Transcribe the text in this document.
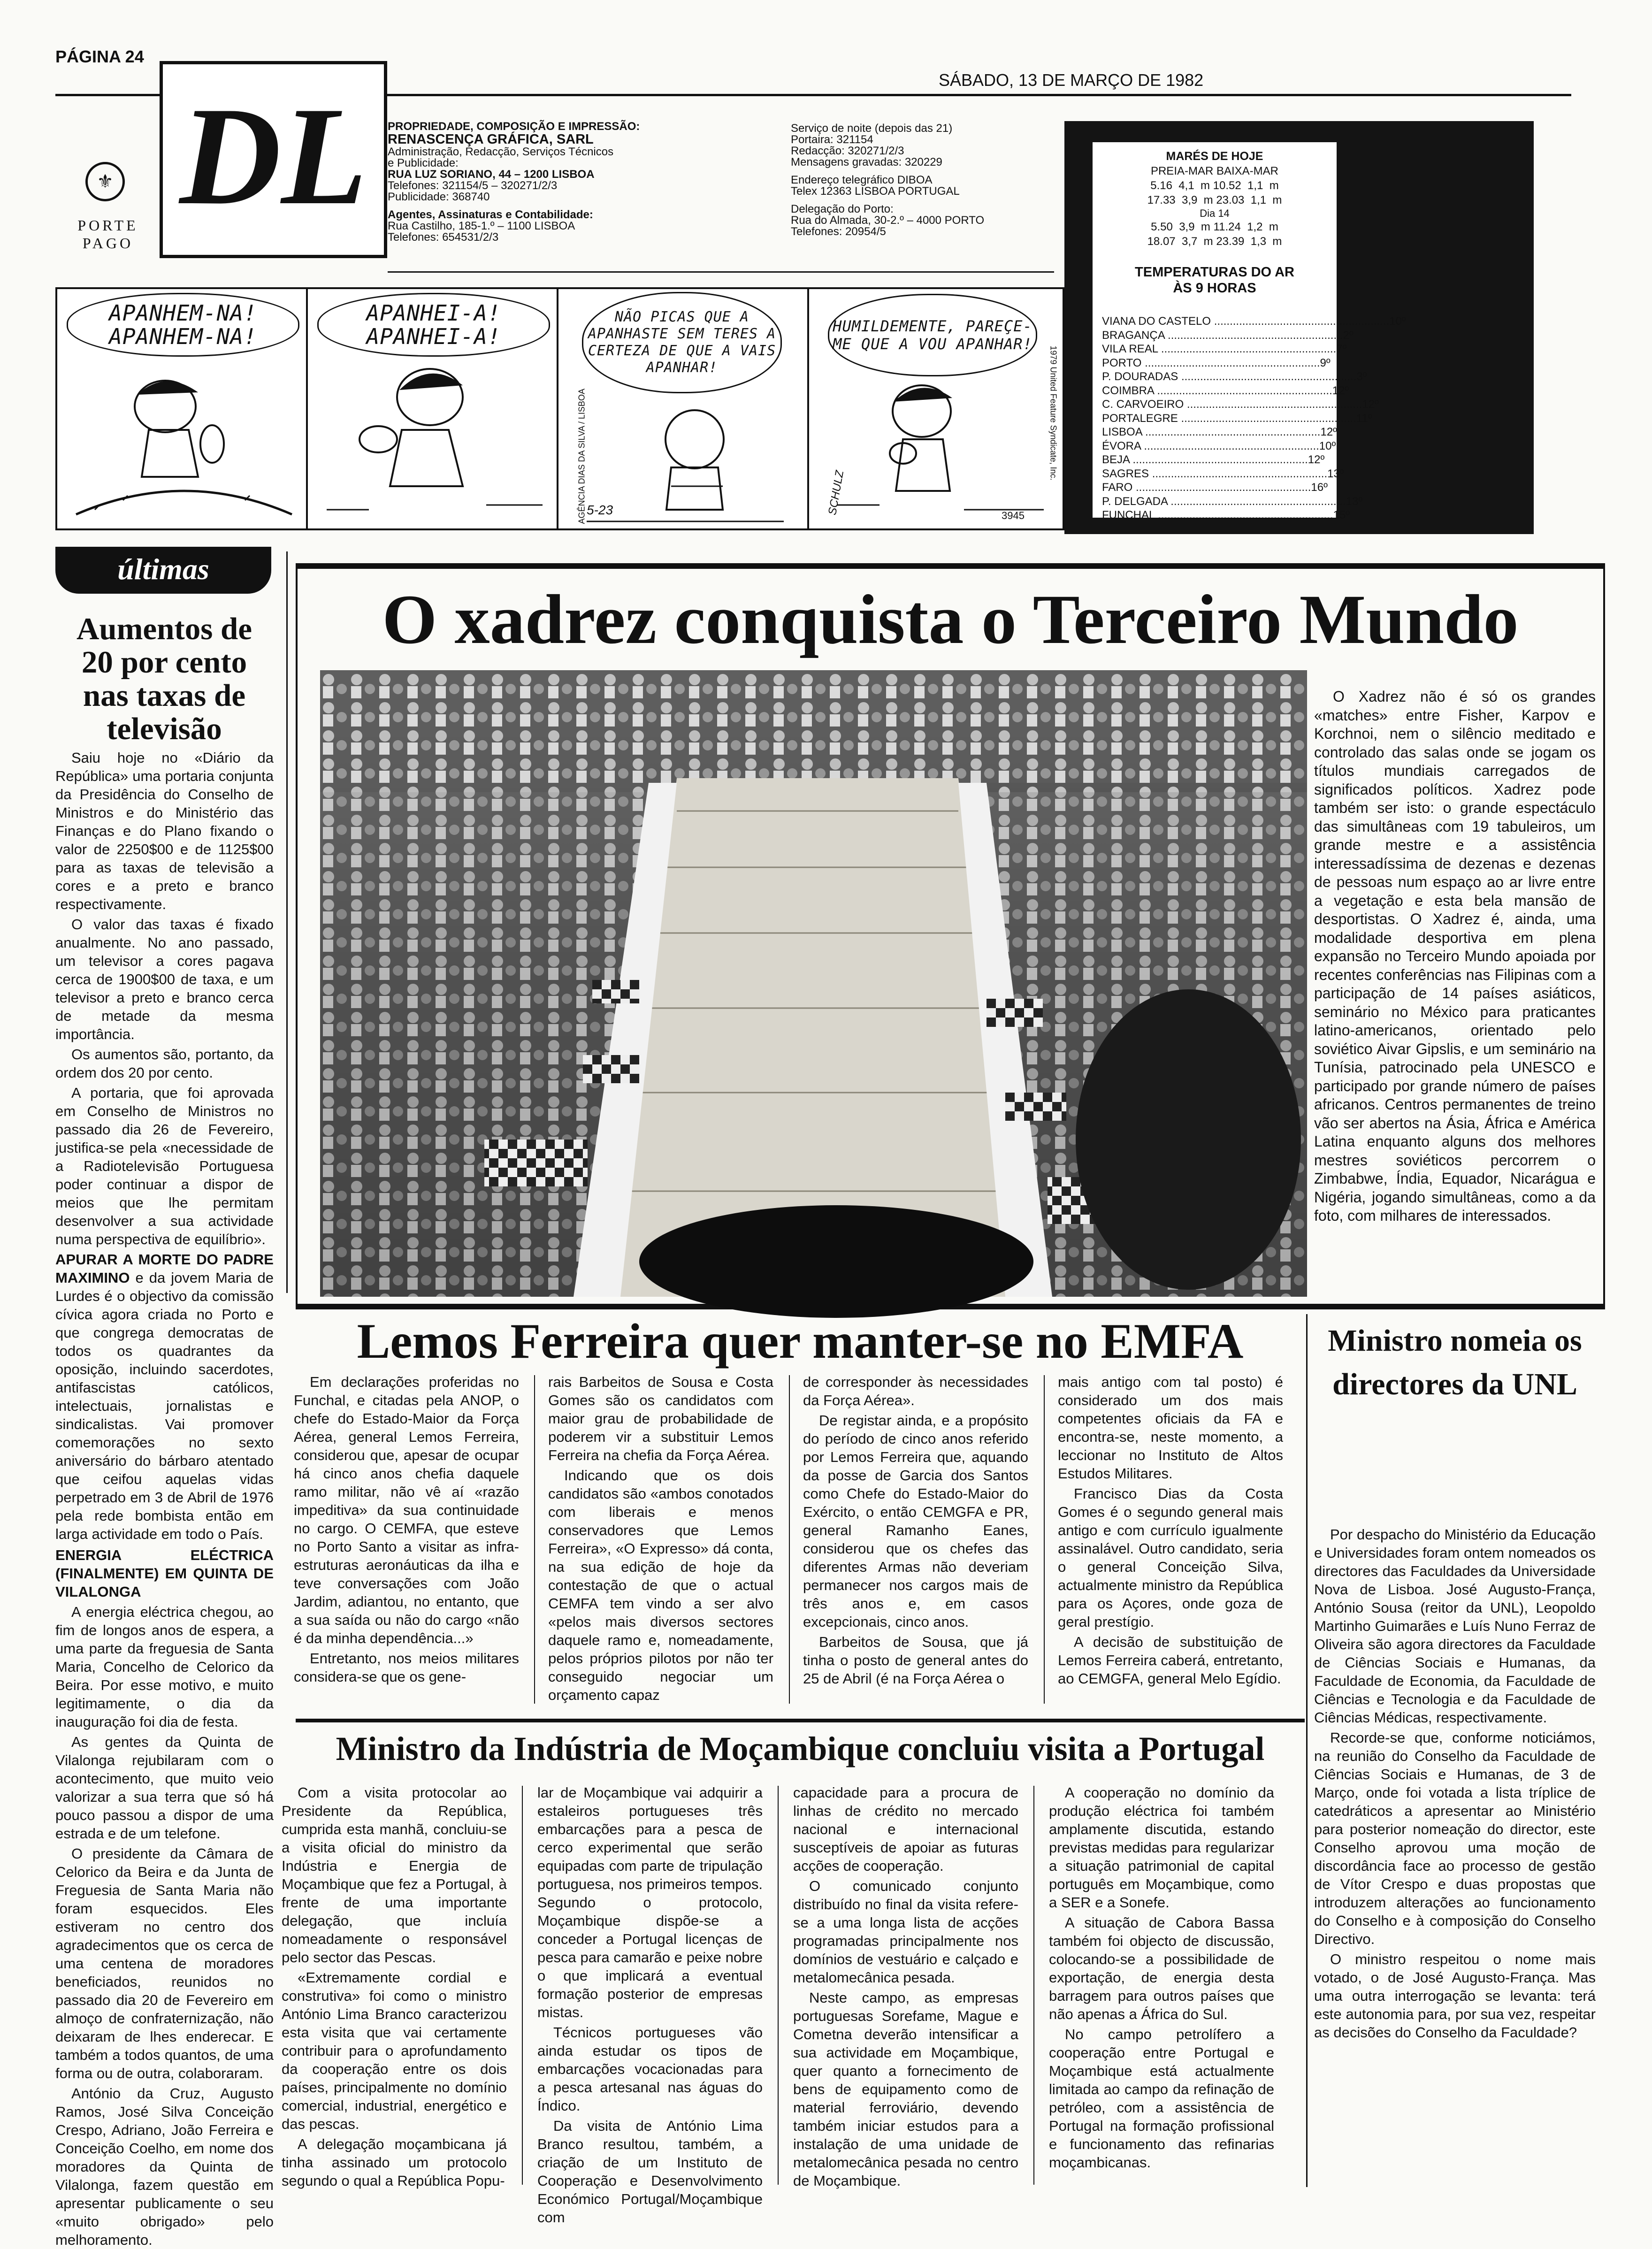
PÁGINA 24
SÁBADO, 13 DE MARÇO DE 1982
⚜
PORTE
PAGO
DL	PROPRIEDADE, COMPOSIÇÃO E IMPRESSÃO:
RENASCENÇA GRÁFICA, SARL
Administração, Redacção, Serviços Técnicos
e Publicidade:
RUA LUZ SORIANO, 44 – 1200 LISBOA
Telefones: 321154/5 – 320271/2/3
Publicidade: 368740
Agentes, Assinaturas e Contabilidade:
Rua Castilho, 185-1.º – 1100 LISBOA
Telefones: 654531/2/3
Serviço de noite (depois das 21)
Portaira: 321154
Redacção: 320271/2/3
Mensagens gravadas: 320229
Endereço telegráfico DIBOA
Telex 12363 LISBOA PORTUGAL
Delegação do Porto:
Rua do Almada, 30-2.º – 4000 PORTO
Telefones: 20954/5
APANHEM-NA! APANHEM-NA!
APANHEI-A! APANHEI-A!
NÃO PICAS QUE A APANHASTE SEM TERES A CERTEZA DE QUE A VAIS APANHAR!
AGÊNCIA DIAS DA SILVA / LISBOA 5-23
HUMILDEMENTE, PAREÇE-ME QUE A VOU APANHAR!
1979 United Feature Syndicate, Inc.
SCHULZ	3945
MARÉS DE HOJE
PREIA-MAR BAIXA-MAR
5.16  4,1  m 10.52  1,1  m
17.33  3,9  m 23.03  1,1  m
Dia 14
5.50  3,9  m 11.24  1,2  m
18.07  3,7  m 23.39  1,3  m
TEMPERATURAS DO AR
ÀS 9 HORAS
VIANA DO CASTELO .....	10º
BRAGANÇA .....	2º
VILA REAL .....	7º
PORTO .....	9º
P. DOURADAS .....	3º
COIMBRA .....	12º
C. CARVOEIRO .....	12º
PORTALEGRE .....	11º
LISBOA .....	12º
ÉVORA .....	10º
BEJA .....	12º
SAGRES .....	13º
FARO .....	16º
P. DELGADA .....	13º
FUNCHAL .....	15º
últimas
Aumentos de 20 por cento nas taxas de televisão

Saiu hoje no «Diário da República» uma portaria conjunta da Presidência do Conselho de Ministros e do Ministério das Finanças e do Plano fixando o valor de 2250$00 e de 1125$00 para as taxas de televisão a cores e a preto e branco respectivamente.

O valor das taxas é fixado anualmente. No ano passado, um televisor a cores pagava cerca de 1900$00 de taxa, e um televisor a preto e branco cerca de metade da mesma importância.

Os aumentos são, portanto, da ordem dos 20 por cento.

A portaria, que foi aprovada em Conselho de Ministros no passado dia 26 de Fevereiro, justifica-se pela «necessidade de a Radiotelevisão Portuguesa poder continuar a dispor de meios que lhe permitam desenvolver a sua actividade numa perspectiva de equilíbrio».

APURAR A MORTE DO PADRE MAXIMINO e da jovem Maria de Lurdes é o objectivo da comissão cívica agora criada no Porto e que congrega democratas de todos os quadrantes da oposição, incluindo sacerdotes, antifascistas católicos, intelectuais, jornalistas e sindicalistas. Vai promover comemorações no sexto aniversário do bárbaro atentado que ceifou aquelas vidas perpetrado em 3 de Abril de 1976 pela rede bombista então em larga actividade em todo o País.

ENERGIA ELÉCTRICA (FINALMENTE) EM QUINTA DE VILALONGA

A energia eléctrica chegou, ao fim de longos anos de espera, a uma parte da freguesia de Santa Maria, Concelho de Celorico da Beira. Por esse motivo, e muito legitimamente, o dia da inauguração foi dia de festa.

As gentes da Quinta de Vilalonga rejubilaram com o acontecimento, que muito veio valorizar a sua terra que só há pouco passou a dispor de uma estrada e de um telefone.

O presidente da Câmara de Celorico da Beira e da Junta de Freguesia de Santa Maria não foram esquecidos. Eles estiveram no centro dos agradecimentos que os cerca de uma centena de moradores beneficiados, reunidos no passado dia 20 de Fevereiro em almoço de confraternização, não deixaram de lhes enderecar. E também a todos quantos, de uma forma ou de outra, colaboraram.

António da Cruz, Augusto Ramos, José Silva Conceição Crespo, Adriano, João Ferreira e Conceição Coelho, em nome dos moradores da Quinta de Vilalonga, fazem questão em apresentar publicamente o seu «muito obrigado» pelo melhoramento.

O xadrez conquista o Terceiro Mundo
O Xadrez não é só os grandes «matches» entre Fisher, Karpov e Korchnoi, nem o silêncio meditado e controlado das salas onde se jogam os títulos mundiais carregados de significados políticos. Xadrez pode também ser isto: o grande espectáculo das simultâneas com 19 tabuleiros, um grande mestre e a assistência interessadíssima de dezenas e dezenas de pessoas num espaço ao ar livre entre a vegetação e esta bela mansão de desportistas. O Xadrez é, ainda, uma modalidade desportiva em plena expansão no Terceiro Mundo apoiada por recentes conferências nas Filipinas com a participação de 14 países asiáticos, seminário no México para praticantes latino-americanos, orientado pelo soviético Aivar Gipslis, e um seminário na Tunísia, patrocinado pela UNESCO e participado por grande número de países africanos. Centros permanentes de treino vão ser abertos na Ásia, África e América Latina enquanto alguns dos melhores mestres soviéticos percorrem o Zimbabwe, Índia, Equador, Nicarágua e Nigéria, jogando simultâneas, como a da foto, com milhares de interessados.
Lemos Ferreira quer manter-se no EMFA

Em declarações proferidas no Funchal, e citadas pela ANOP, o chefe do Estado-Maior da Força Aérea, general Lemos Ferreira, considerou que, apesar de ocupar há cinco anos chefia daquele ramo militar, não vê aí «razão impeditiva» da sua continuidade no cargo. O CEMFA, que esteve no Porto Santo a visitar as infra-estruturas aeronáuticas da ilha e teve conversações com João Jardim, adiantou, no entanto, que a sua saída ou não do cargo «não é da minha dependência...»

Entretanto, nos meios militares considera-se que os gene-

rais Barbeitos de Sousa e Costa Gomes são os candidatos com maior grau de probabilidade de poderem vir a substituir Lemos Ferreira na chefia da Força Aérea.

Indicando que os dois candidatos são «ambos conotados com liberais e menos conservadores que Lemos Ferreira», «O Expresso» dá conta, na sua edição de hoje da contestação de que o actual CEMFA tem vindo a ser alvo «pelos mais diversos sectores daquele ramo e, nomeadamente, pelos próprios pilotos por não ter conseguido negociar um orçamento capaz

de corresponder às necessidades da Força Aérea».

De registar ainda, e a propósito do período de cinco anos referido por Lemos Ferreira que, aquando da posse de Garcia dos Santos como Chefe do Estado-Maior do Exército, o então CEMGFA e PR, general Ramanho Eanes, considerou que os chefes das diferentes Armas não deveriam permanecer nos cargos mais de três anos e, em casos excepcionais, cinco anos.

Barbeitos de Sousa, que já tinha o posto de general antes do 25 de Abril (é na Força Aérea o

mais antigo com tal posto) é considerado um dos mais competentes oficiais da FA e encontra-se, neste momento, a leccionar no Instituto de Altos Estudos Militares.

Francisco Dias da Costa Gomes é o segundo general mais antigo e com currículo igualmente assinalável. Outro candidato, seria o general Conceição Silva, actualmente ministro da República para os Açores, onde goza de geral prestígio.

A decisão de substituição de Lemos Ferreira caberá, entretanto, ao CEMGFA, general Melo Egídio.

Ministro nomeia os directores da UNL

Por despacho do Ministério da Educação e Universidades foram ontem nomeados os directores das Faculdades da Universidade Nova de Lisboa. José Augusto-França, António Sousa (reitor da UNL), Leopoldo Martinho Guimarães e Luís Nuno Ferraz de Oliveira são agora directores da Faculdade de Ciências Sociais e Humanas, da Faculdade de Economia, da Faculdade de Ciências e Tecnologia e da Faculdade de Ciências Médicas, respectivamente.

Recorde-se que, conforme noticiámos, na reunião do Conselho da Faculdade de Ciências Sociais e Humanas, de 3 de Março, onde foi votada a lista tríplice de catedráticos a apresentar ao Ministério para posterior nomeação do director, este Conselho aprovou uma moção de discordância face ao processo de gestão de Vítor Crespo e duas propostas que introduzem alterações ao funcionamento do Conselho e à composição do Conselho Directivo.

O ministro respeitou o nome mais votado, o de José Augusto-França. Mas uma outra interrogação se levanta: terá este autonomia para, por sua vez, respeitar as decisões do Conselho da Faculdade?

Ministro da Indústria de Moçambique concluiu visita a Portugal

Com a visita protocolar ao Presidente da República, cumprida esta manhã, concluiu-se a visita oficial do ministro da Indústria e Energia de Moçambique que fez a Portugal, à frente de uma importante delegação, que incluía nomeadamente o responsável pelo sector das Pescas.

«Extremamente cordial e construtiva» foi como o ministro António Lima Branco caracterizou esta visita que vai certamente contribuir para o aprofundamento da cooperação entre os dois países, principalmente no domínio comercial, industrial, energético e das pescas.

A delegação moçambicana já tinha assinado um protocolo segundo o qual a República Popu-

lar de Moçambique vai adquirir a estaleiros portugueses três embarcações para a pesca de cerco experimental que serão equipadas com parte de tripulação portuguesa, nos primeiros tempos. Segundo o protocolo, Moçambique dispõe-se a conceder a Portugal licenças de pesca para camarão e peixe nobre o que implicará a eventual formação posterior de empresas mistas.

Técnicos portugueses vão ainda estudar os tipos de embarcações vocacionadas para a pesca artesanal nas águas do Índico.

Da visita de António Lima Branco resultou, também, a criação de um Instituto de Cooperação e Desenvolvimento Económico Portugal/Moçambique com

capacidade para a procura de linhas de crédito no mercado nacional e internacional susceptíveis de apoiar as futuras acções de cooperação.

O comunicado conjunto distribuído no final da visita refere-se a uma longa lista de acções programadas principalmente nos domínios de vestuário e calçado e metalomecânica pesada.

Neste campo, as empresas portuguesas Sorefame, Mague e Cometna deverão intensificar a sua actividade em Moçambique, quer quanto a fornecimento de bens de equipamento como de material ferroviário, devendo também iniciar estudos para a instalação de uma unidade de metalomecânica pesada no centro de Moçambique.

A cooperação no domínio da produção eléctrica foi também amplamente discutida, estando previstas medidas para regularizar a situação patrimonial de capital português em Moçambique, como a SER e a Sonefe.

A situação de Cabora Bassa também foi objecto de discussão, colocando-se a possibilidade de exportação, de energia desta barragem para outros países que não apenas a África do Sul.

No campo petrolífero a cooperação entre Portugal e Moçambique está actualmente limitada ao campo da refinação de petróleo, com a assistência de Portugal na formação profissional e funcionamento das refinarias moçambicanas.
